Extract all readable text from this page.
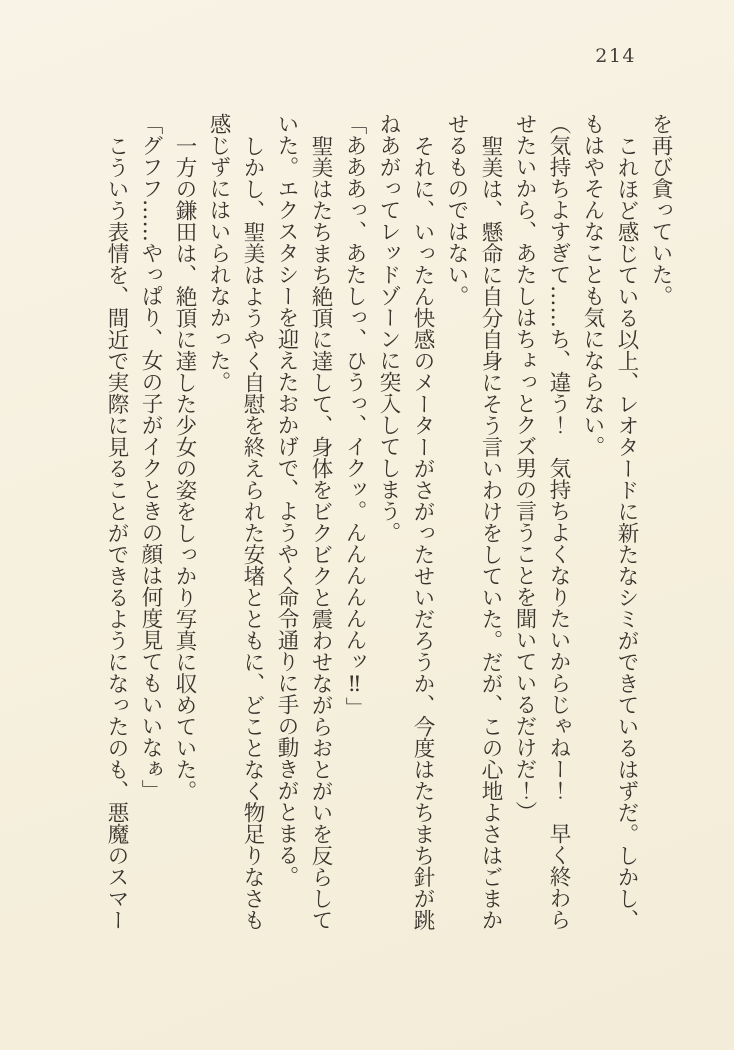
214

を再び貪っていた。

これほど感じている以上、レオタードに新たなシミができているはずだ。しかし、もはやそんなことも気にならない。

（気持ちよすぎて……ち、違う！　気持ちよくなりたいからじゃねー！　早く終わらせたいから、あたしはちょっとクズ男の言うことを聞いているだけだ！）

聖美は、懸命に自分自身にそう言いわけをしていた。だが、この心地よさはごまかせるものではない。

それに、いったん快感のメーターがさがったせいだろうか、今度はたちまち針が跳ねあがってレッドゾーンに突入してしまう。

「あああっ、あたしっ、ひうっ、イクッ。んんんんんんッ‼」

聖美はたちまち絶頂に達して、身体をビクビクと震わせながらおとがいを反らしていた。エクスタシーを迎えたおかげで、ようやく命令通りに手の動きがとまる。

しかし、聖美はようやく自慰を終えられた安堵とともに、どことなく物足りなさも感じずにはいられなかった。

一方の鎌田は、絶頂に達した少女の姿をしっかり写真に収めていた。

「グフフ……やっぱり、女の子がイクときの顔は何度見てもいいなぁ」

こういう表情を、間近で実際に見ることができるようになったのも、悪魔のスマー
